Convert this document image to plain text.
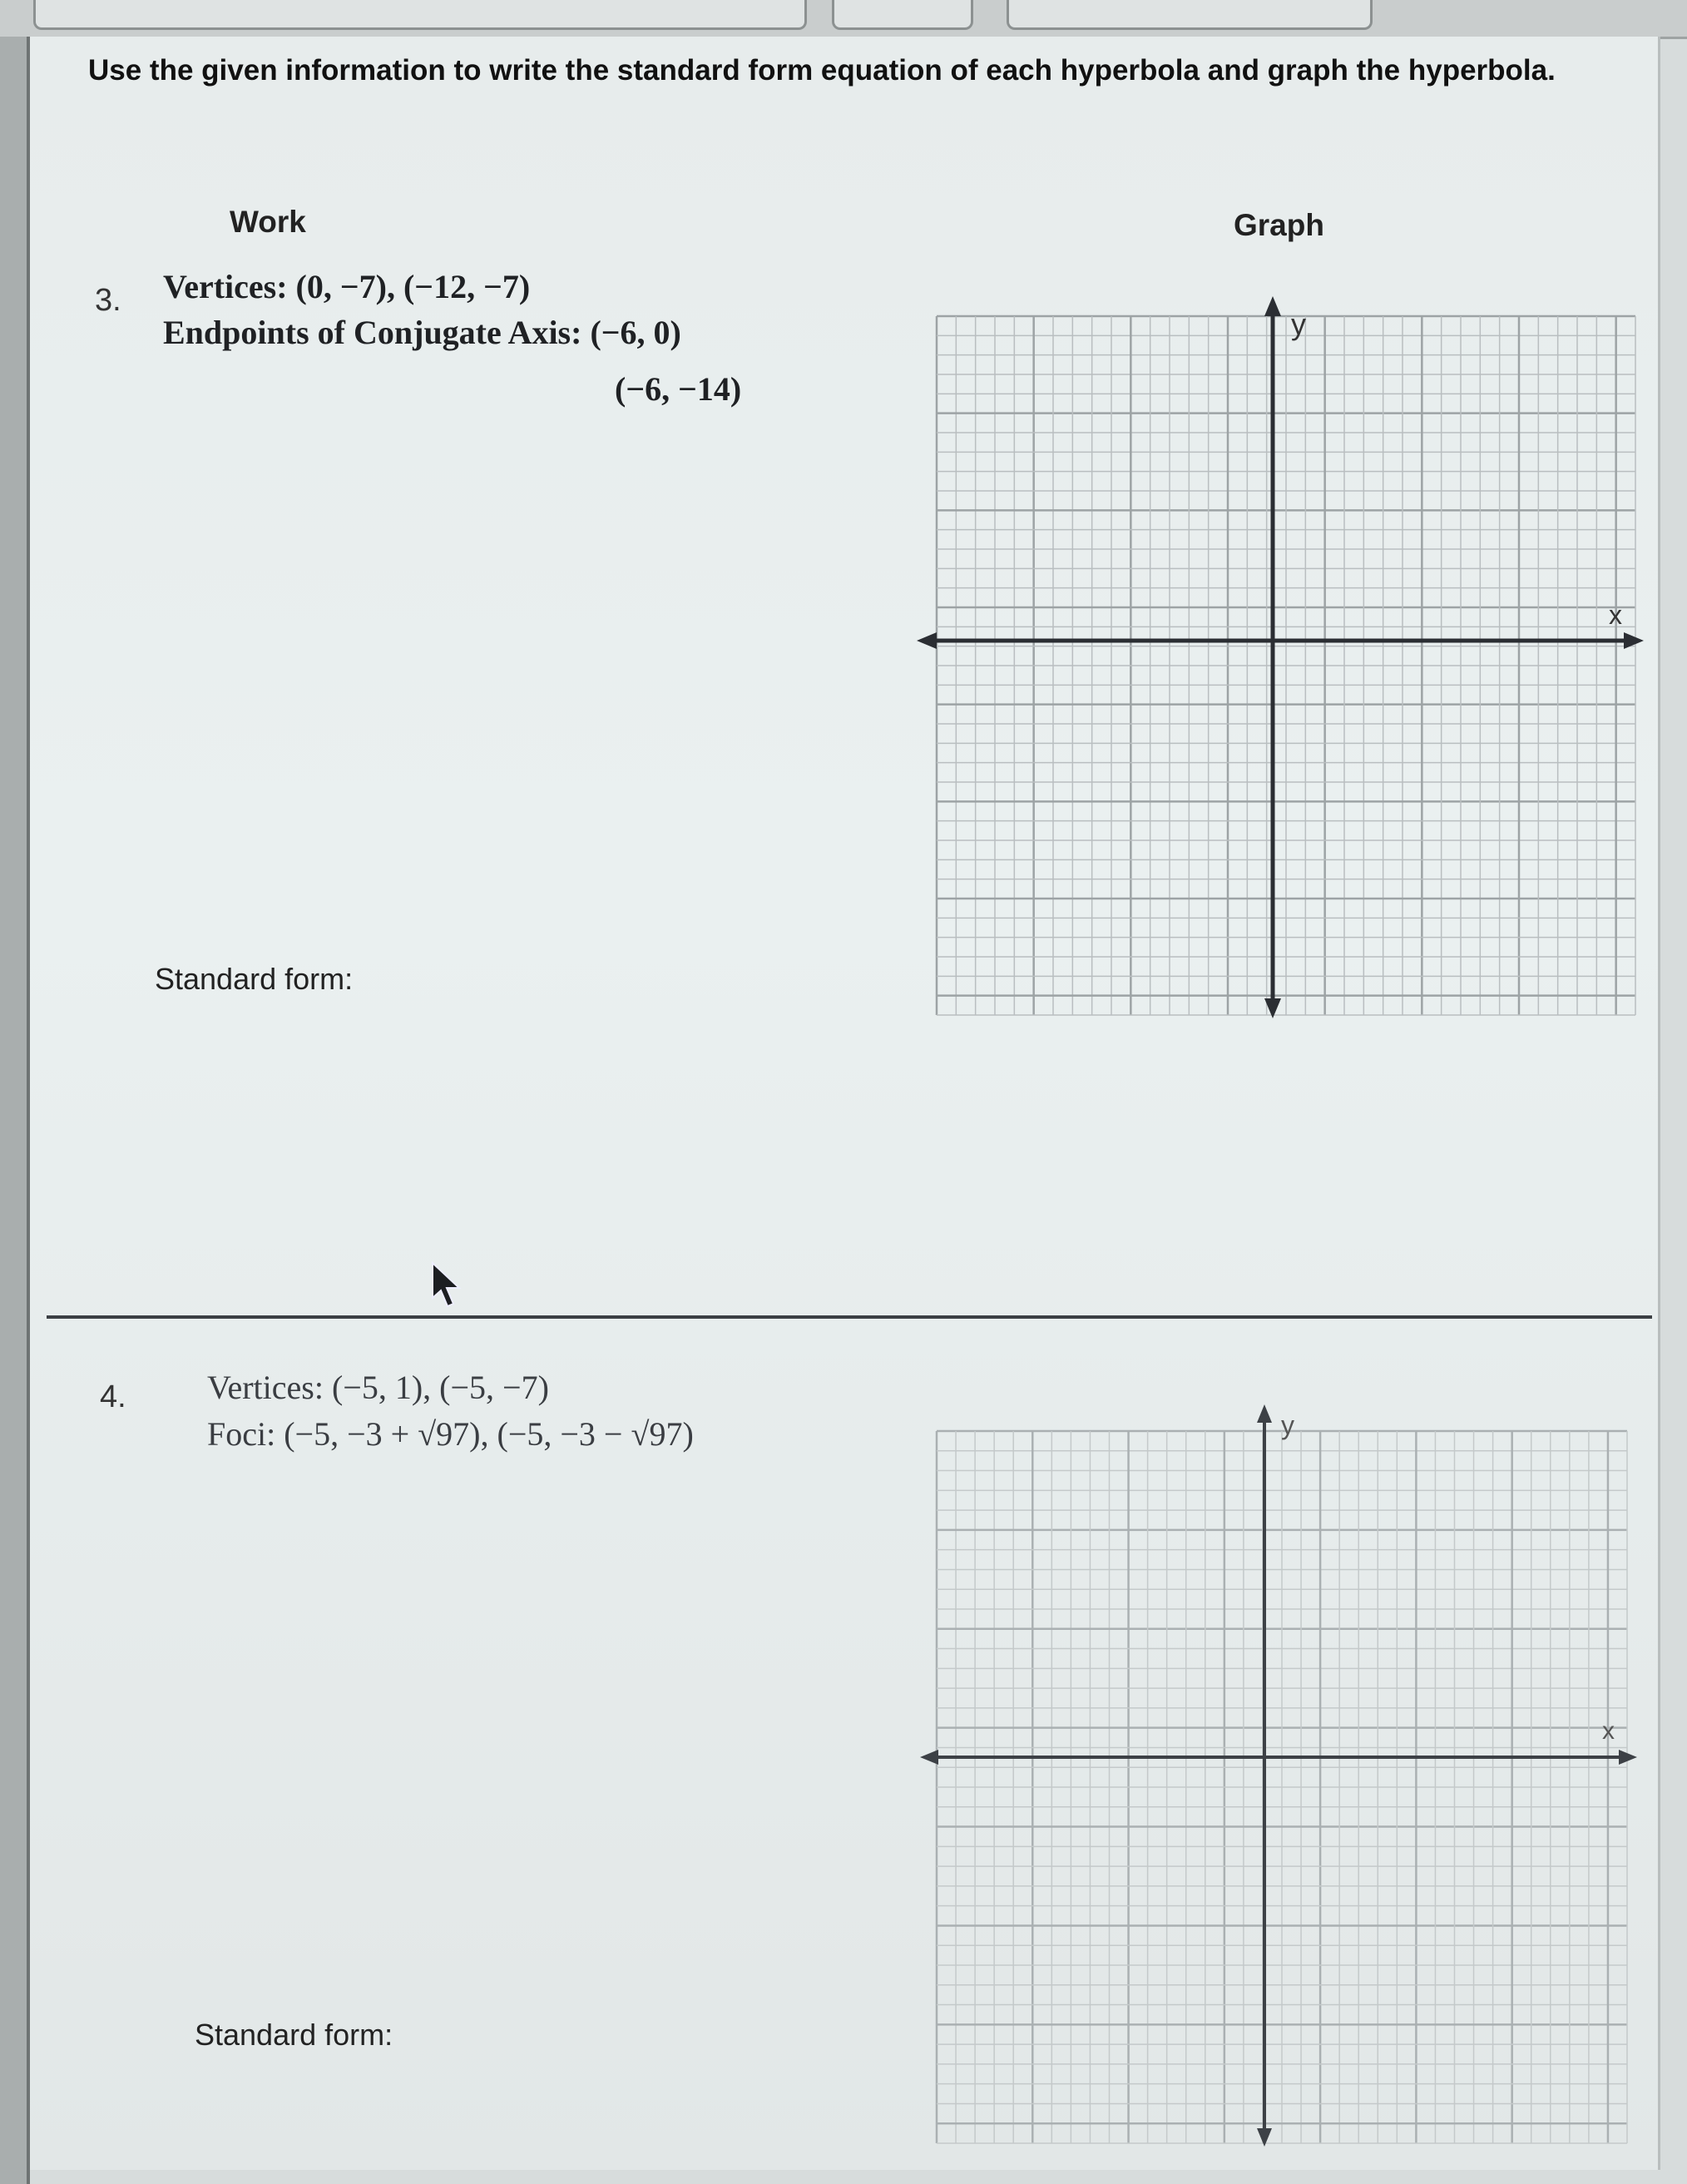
Use the given information to write the standard form equation of each hyperbola and graph the hyperbola.
Work	Graph
3. Vertices: (0, −7), (−12, −7)
Endpoints of Conjugate Axis: (−6, 0)
(−6, −14)
Standard form:
y
x
4. Vertices: (−5, 1), (−5, −7)
Foci: (−5, −3 + √97), (−5, −3 − √97)
Standard form:
y
x
